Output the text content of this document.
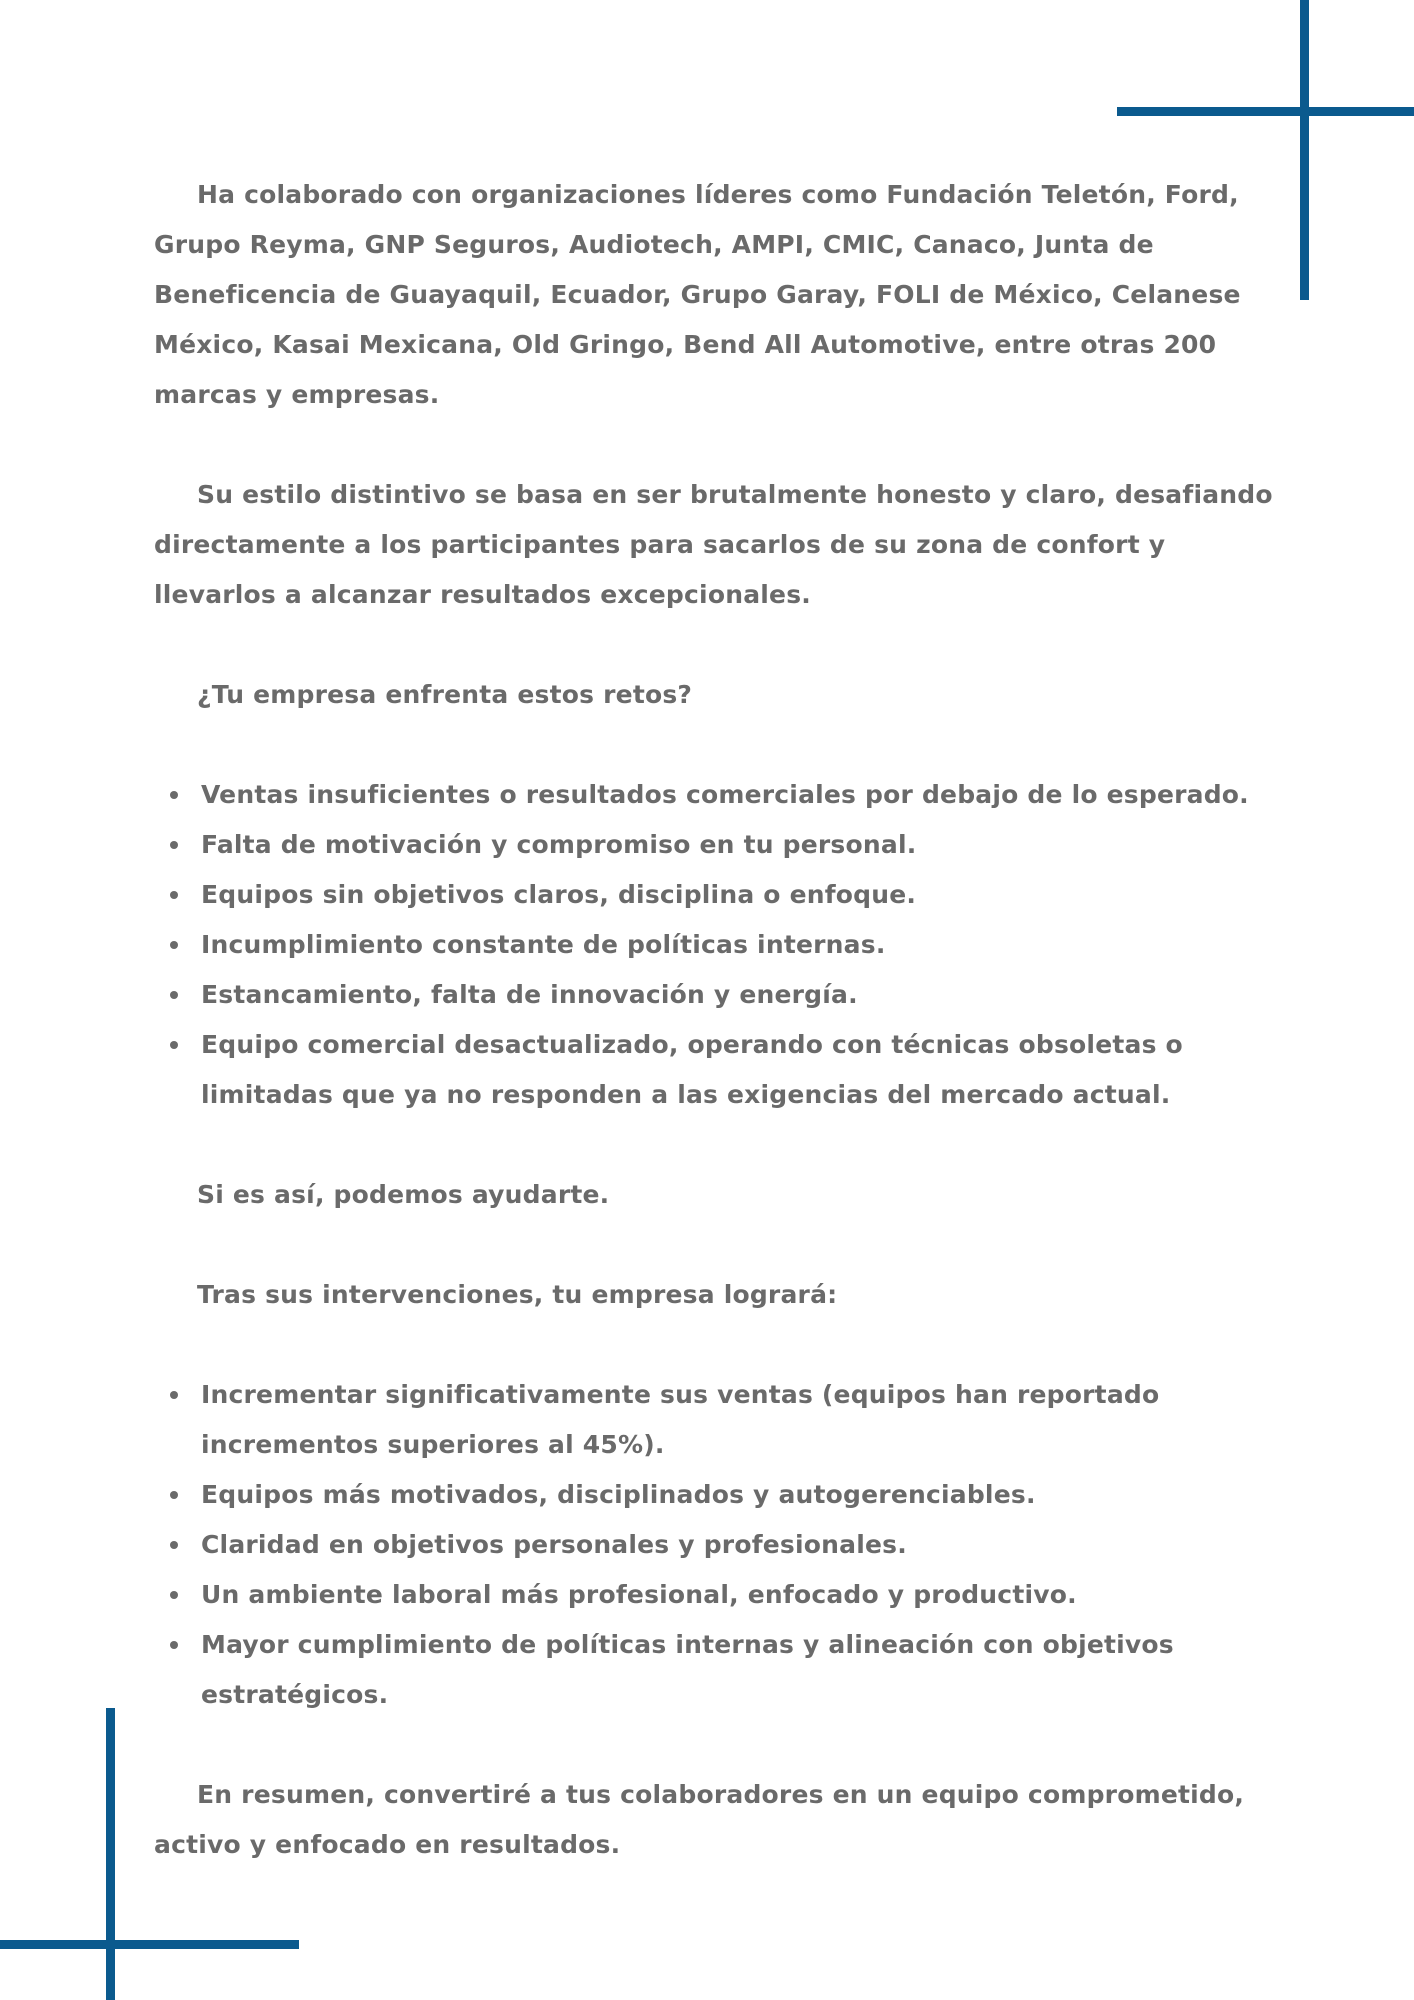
Ha colaborado con organizaciones líderes como Fundación Teletón, Ford, Grupo Reyma, GNP Seguros, Audiotech, AMPI, CMIC, Canaco, Junta de Beneficencia de Guayaquil, Ecuador, Grupo Garay, FOLI de México, Celanese México, Kasai Mexicana, Old Gringo, Bend All Automotive, entre otras 200 marcas y empresas.

Su estilo distintivo se basa en ser brutalmente honesto y claro, desafiando directamente a los participantes para sacarlos de su zona de confort y llevarlos a alcanzar resultados excepcionales.

¿Tu empresa enfrenta estos retos?

Ventas insuficientes o resultados comerciales por debajo de lo esperado.
Falta de motivación y compromiso en tu personal.
Equipos sin objetivos claros, disciplina o enfoque.
Incumplimiento constante de políticas internas.
Estancamiento, falta de innovación y energía.
Equipo comercial desactualizado, operando con técnicas obsoletas o limitadas que ya no responden a las exigencias del mercado actual.

Si es así, podemos ayudarte.

Tras sus intervenciones, tu empresa logrará:

Incrementar significativamente sus ventas (equipos han reportado incrementos superiores al 45%).
Equipos más motivados, disciplinados y autogerenciables.
Claridad en objetivos personales y profesionales.
Un ambiente laboral más profesional, enfocado y productivo.
Mayor cumplimiento de políticas internas y alineación con objetivos estratégicos.

En resumen, convertiré a tus colaboradores en un equipo comprometido, activo y enfocado en resultados.
